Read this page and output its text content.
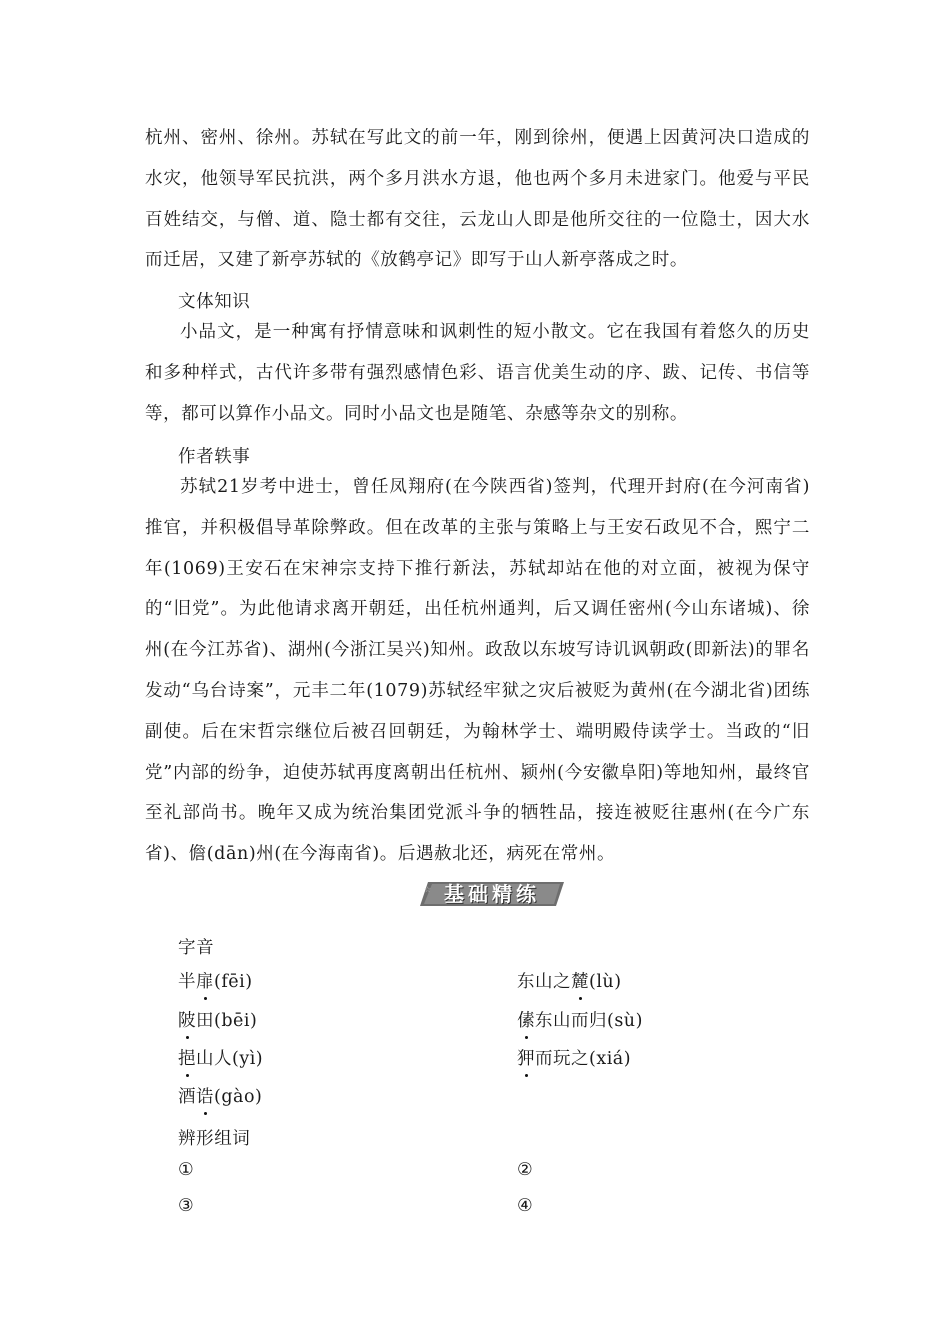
杭州、密州、徐州。苏轼在写此文的前一年，刚到徐州，便遇上因黄河决口造成的水灾，他领导军民抗洪，两个多月洪水方退，他也两个多月未进家门。他爱与平民百姓结交，与僧、道、隐士都有交往，云龙山人即是他所交往的一位隐士，因大水而迁居，又建了新亭苏轼的《放鹤亭记》即写于山人新亭落成之时。

文体知识

小品文，是一种寓有抒情意味和讽刺性的短小散文。它在我国有着悠久的历史和多种样式，古代许多带有强烈感情色彩、语言优美生动的序、跋、记传、书信等等，都可以算作小品文。同时小品文也是随笔、杂感等杂文的别称。

作者轶事

苏轼21岁考中进士，曾任凤翔府(在今陕西省)签判，代理开封府(在今河南省)推官，并积极倡导革除弊政。但在改革的主张与策略上与王安石政见不合，熙宁二年(1069)王安石在宋神宗支持下推行新法，苏轼却站在他的对立面，被视为保守的“旧党”。为此他请求离开朝廷，出任杭州通判，后又调任密州(今山东诸城)、徐州(在今江苏省)、湖州(今浙江吴兴)知州。政敌以东坡写诗讥讽朝政(即新法)的罪名发动“乌台诗案”，元丰二年(1079)苏轼经牢狱之灾后被贬为黄州(在今湖北省)团练副使。后在宋哲宗继位后被召回朝廷，为翰林学士、端明殿侍读学士。当政的“旧党”内部的纷争，迫使苏轼再度离朝出任杭州、颍州(今安徽阜阳)等地知州，最终官至礼部尚书。晚年又成为统治集团党派斗争的牺牲品，接连被贬往惠州(在今广东省)、儋(dān)州(在今海南省)。后遇赦北还，病死在常州。

☆ 基础精练

字音

半扉(fēi)	东山之麓(lù)

陂田(bēi)	傃东山而归(sù)

挹山人(yì)	狎而玩之(xiá)

酒诰(gào)

辨形组词

①	②

③	④
